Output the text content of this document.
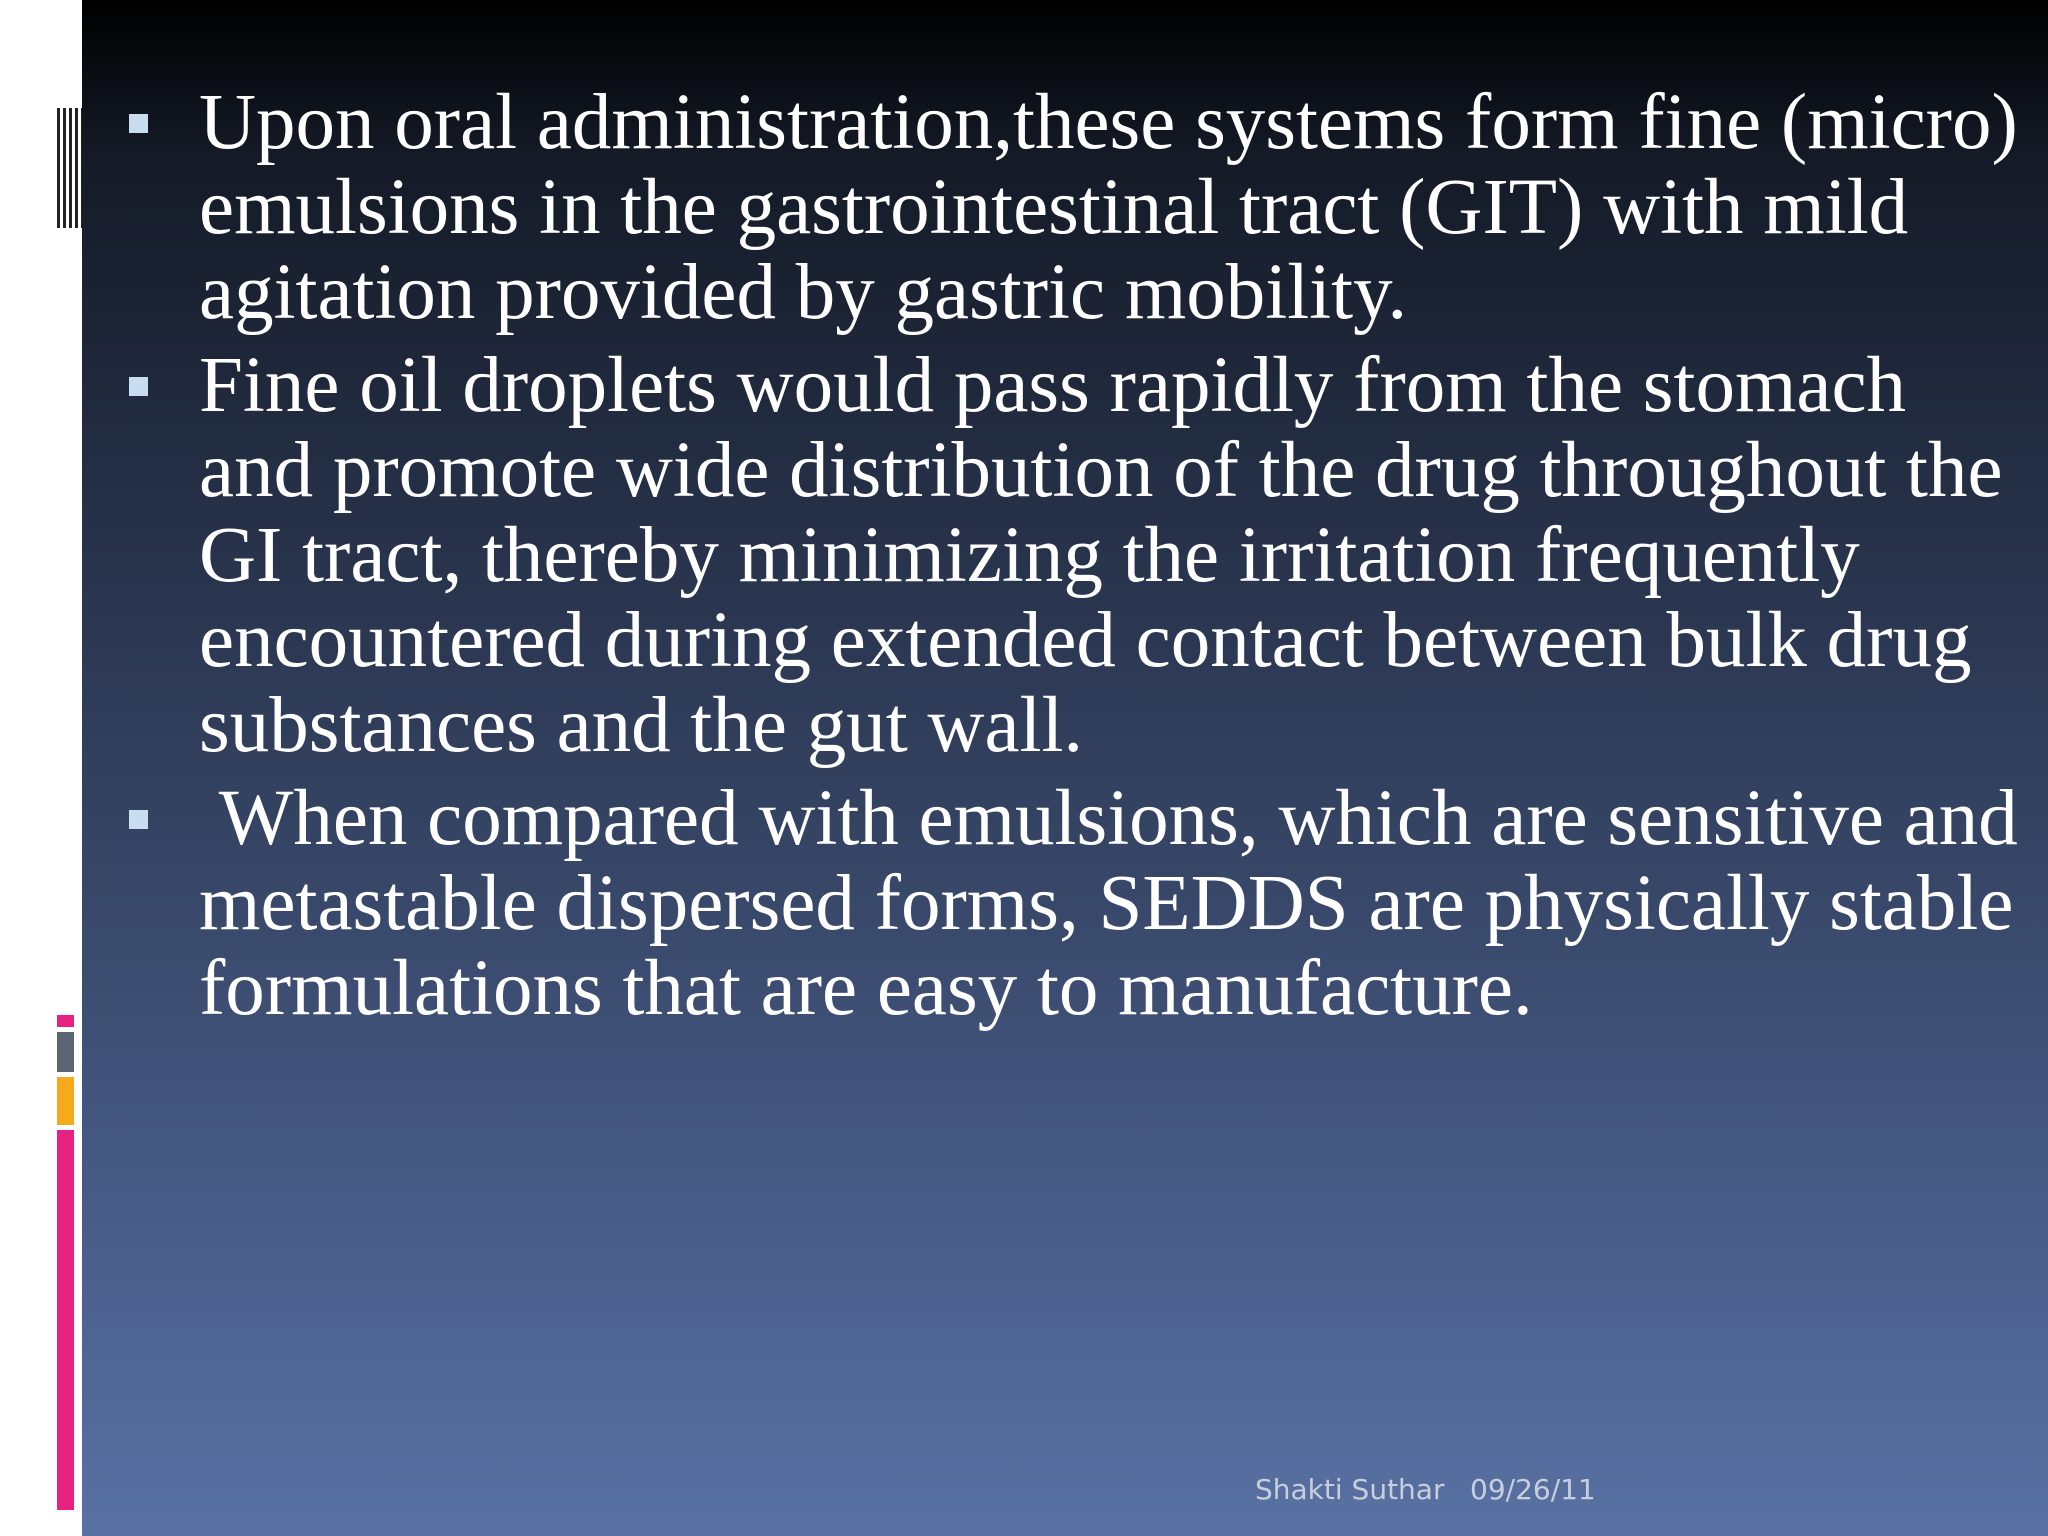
Upon oral administration,these systems form fine (micro) emulsions in the gastrointestinal tract (GIT) with mild agitation provided by gastric mobility.
Fine oil droplets would pass rapidly from the stomach and promote wide distribution of the drug throughout the GI tract, thereby minimizing the irritation frequently encountered during extended contact between bulk drug substances and the gut wall.
When compared with emulsions, which are sensitive and metastable dispersed forms, SEDDS are physically stable formulations that are easy to manufacture.
Shakti Suthar 09/26/11
